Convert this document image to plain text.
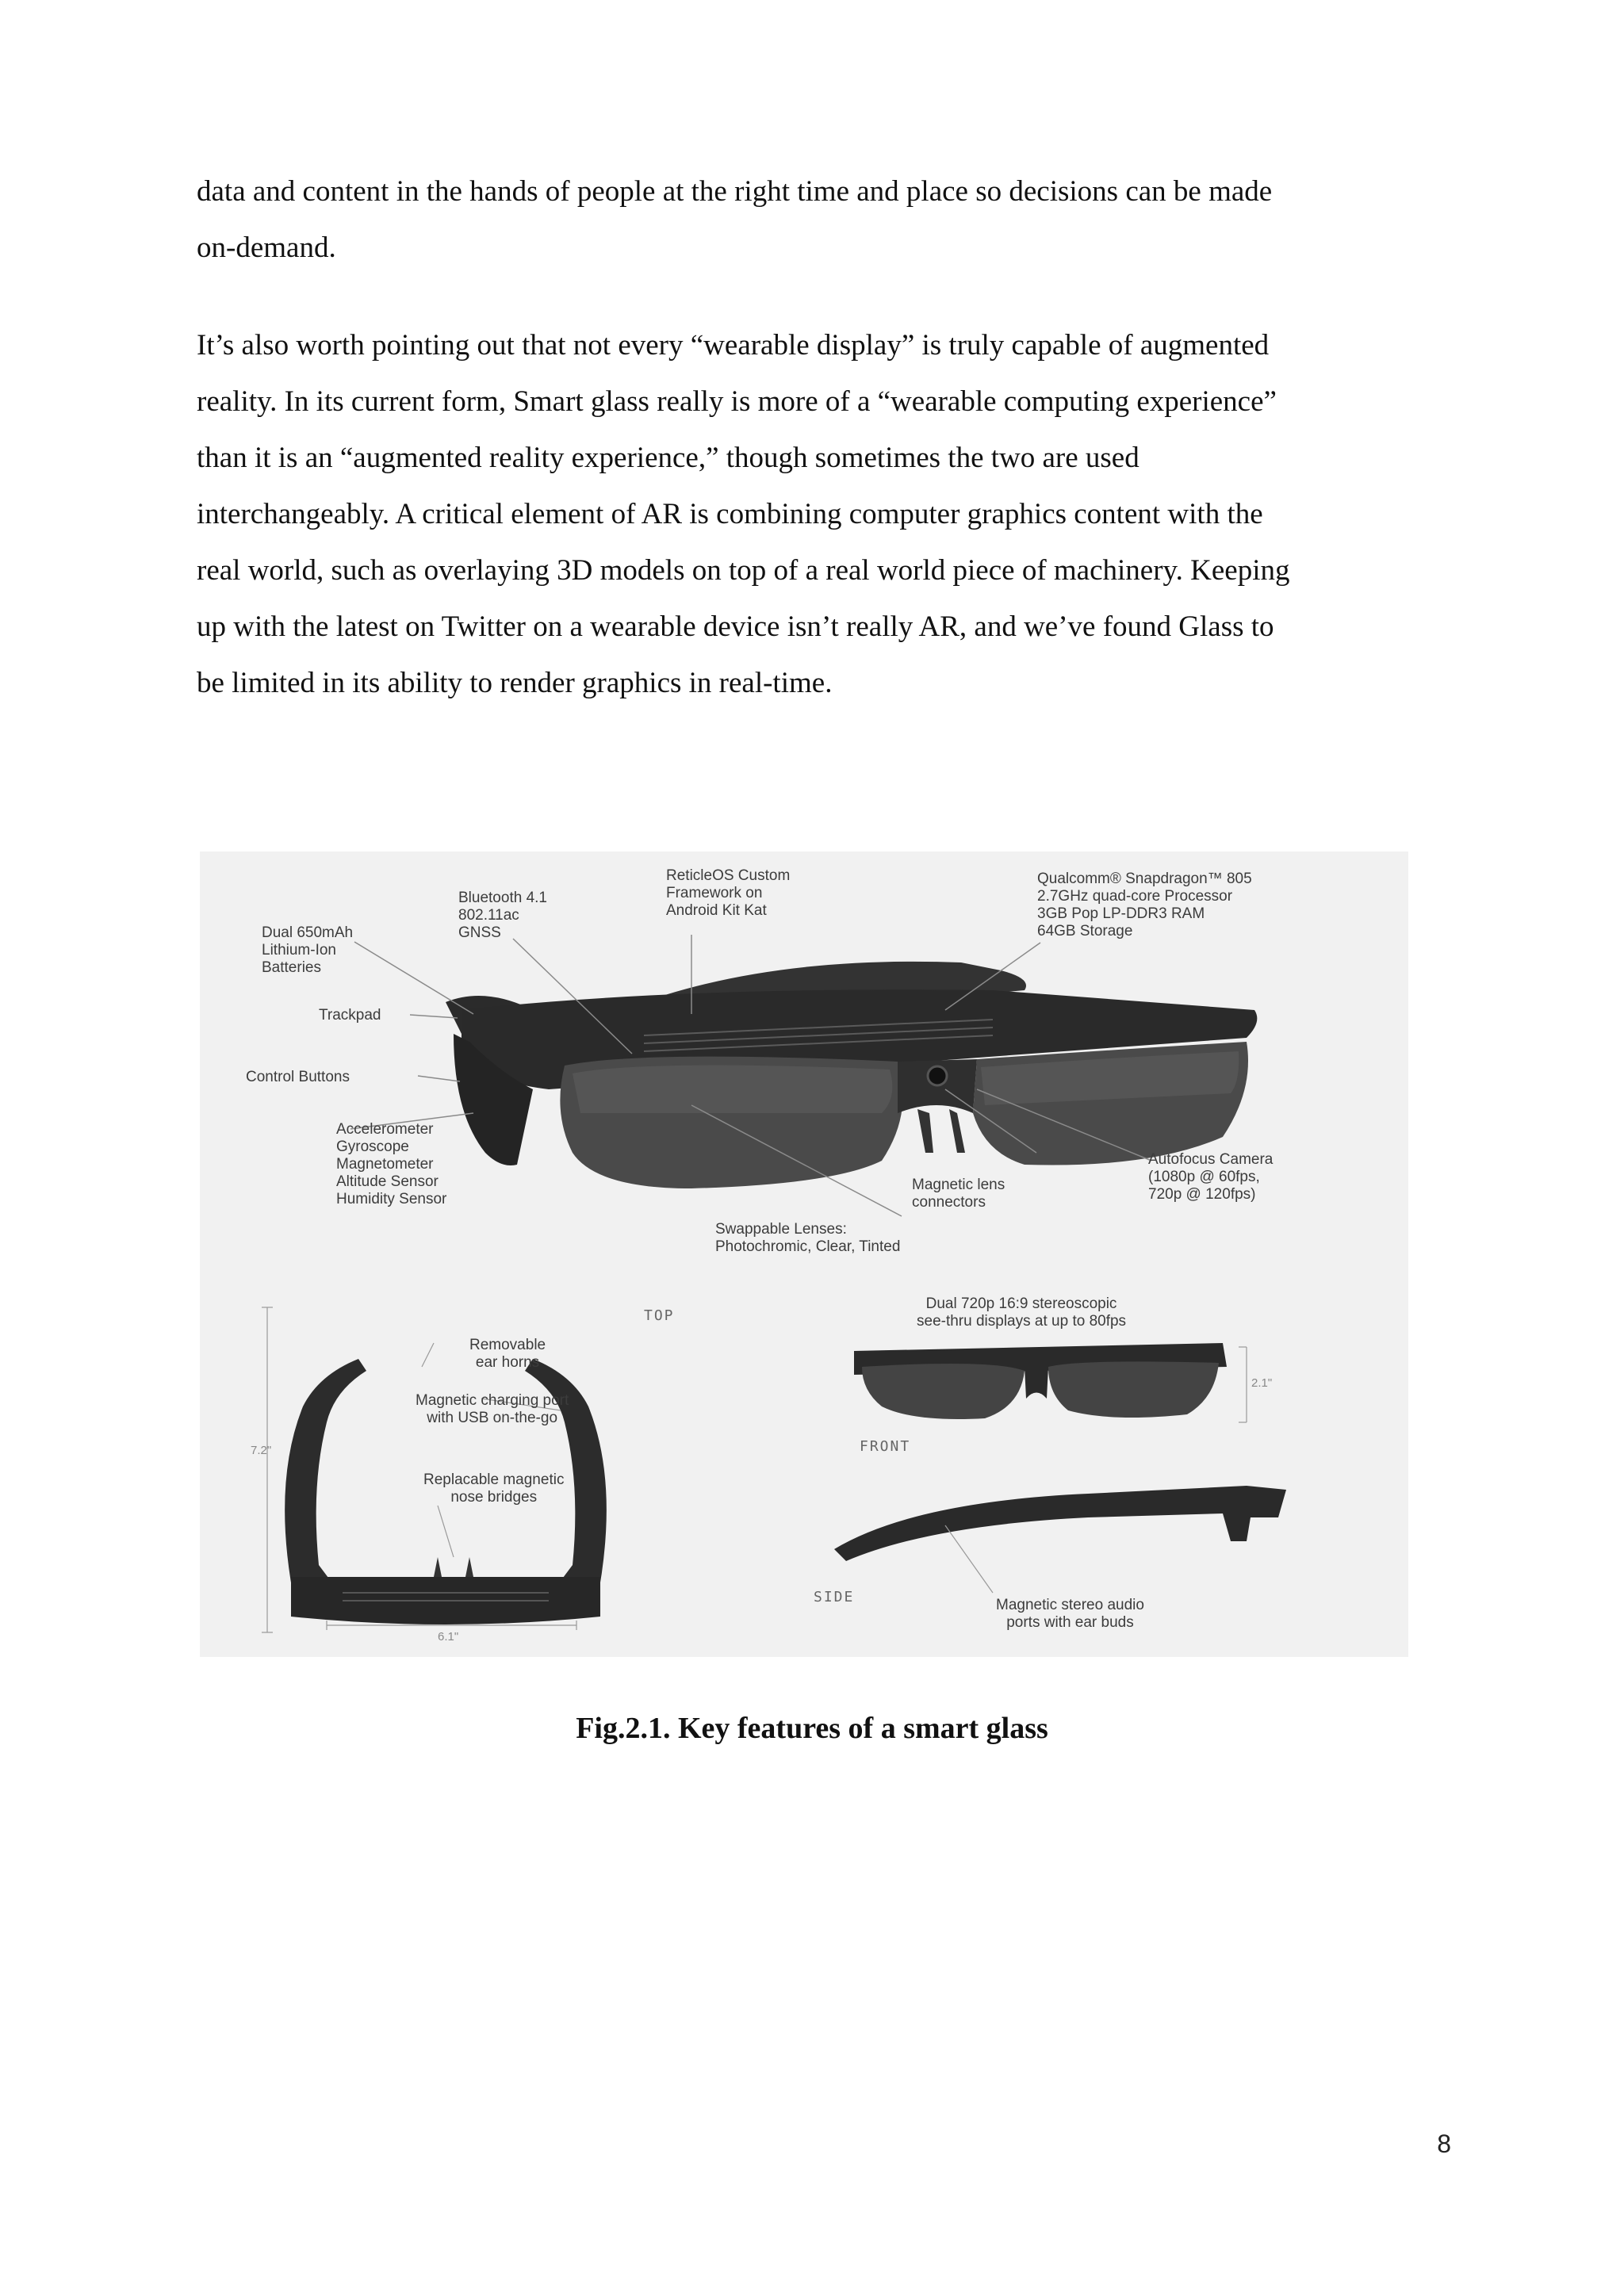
data and content in the hands of people at the right time and place so decisions can be made
on-demand.
It’s also worth pointing out that not every “wearable display” is truly capable of augmented
reality. In its current form, Smart glass really is more of a “wearable computing experience”
than it is an “augmented reality experience,” though sometimes the two are used
interchangeably. A critical element of AR is combining computer graphics content with the
real world, such as overlaying 3D models on top of a real world piece of machinery. Keeping
up with the latest on Twitter on a wearable device isn’t really AR, and we’ve found Glass to
be limited in its ability to render graphics in real-time.
ReticleOS Custom
Framework on
Android Kit Kat
Bluetooth 4.1
802.11ac
GNSS
Dual 650mAh
Lithium-Ion
Batteries
Qualcomm® Snapdragon™ 805
2.7GHz quad-core Processor
3GB Pop LP-DDR3 RAM
64GB Storage
Trackpad
Control Buttons
Accelerometer
Gyroscope
Magnetometer
Altitude Sensor
Humidity Sensor
Autofocus Camera
(1080p @ 60fps,
720p @ 120fps)
Magnetic lens
connectors
Swappable Lenses:
Photochromic, Clear, Tinted
Removable
ear horns
Magnetic charging port
with USB on-the-go
Replacable magnetic
nose bridges
Dual 720p 16:9 stereoscopic
see-thru displays at up to 80fps
Magnetic stereo audio
ports with ear buds
TOP
FRONT
SIDE
7.2"
6.1"
2.1"

Fig.2.1. Key features of a smart glass

8
